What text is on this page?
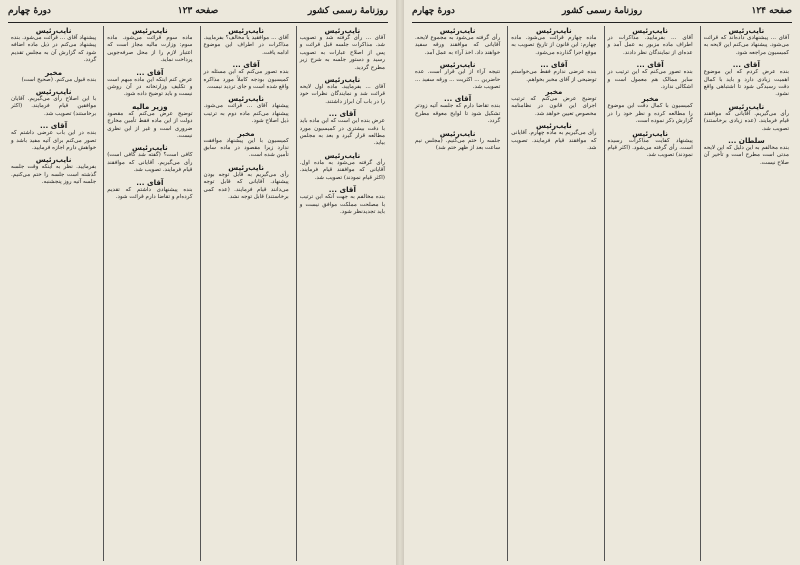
دورهٔ چهارم	صفحه ۱۲۳	روزنامهٔ رسمی کشور
نایب‌رئیس
آقای ... رأی گرفته شد و تصویب شد. مذاکرات جلسه قبل قرائت و پس از اصلاح عبارات به تصویب رسید و دستور جلسه به شرح زیر مطرح گردید.
نایب‌رئیس
آقای ... بفرمایید. ماده اول لایحه قرائت شد و نمایندگان نظرات خود را در باب آن ابراز داشتند.
آقای ...
عرض بنده این است که این ماده باید با دقت بیشتری در کمیسیون مورد مطالعه قرار گیرد و بعد به مجلس بیاید.
نایب‌رئیس
رأی گرفته می‌شود به ماده اول. آقایانی که موافقند قیام فرمایند. (اکثر قیام نمودند) تصویب شد.
آقای ...
بنده مخالفم به جهت آنکه این ترتیب با مصلحت مملکت موافق نیست و باید تجدیدنظر شود.
نایب‌رئیس
آقای ... موافقید یا مخالف؟ بفرمایید. مذاکرات در اطراف این موضوع ادامه یافت.
آقای ...
بنده تصور می‌کنم که این مسئله در کمیسیون بودجه کاملاً مورد مذاکره واقع شده است و جای تردید نیست.
نایب‌رئیس
پیشنهاد آقای ... قرائت می‌شود. پیشنهاد می‌کنم ماده دوم به ترتیب ذیل اصلاح شود.
مخبر
کمیسیون با این پیشنهاد موافقت ندارد زیرا مقصود در ماده سابق تأمین شده است.
نایب‌رئیس
رأی می‌گیریم به قابل توجه بودن پیشنهاد. آقایانی که قابل توجه می‌دانند قیام فرمایند. (عده کمی برخاستند) قابل توجه نشد.
نایب‌رئیس
ماده سوم قرائت می‌شود. ماده سوم: وزارت مالیه مجاز است که اعتبار لازم را از محل صرفه‌جویی پرداخت نماید.
آقای ...
عرض کنم اینکه این ماده مبهم است و تکلیف وزارتخانه در آن روشن نیست و باید توضیح داده شود.
وزیر مالیه
توضیح عرض می‌کنم که مقصود دولت از این ماده فقط تأمین مخارج ضروری است و غیر از این نظری نیست.
نایب‌رئیس
کافی است؟ (گفته شد کافی است) رأی می‌گیریم. آقایانی که موافقند قیام فرمایند. تصویب شد.
آقای ...
بنده پیشنهادی داشتم که تقدیم کرده‌ام و تقاضا دارم قرائت شود.
نایب‌رئیس
پیشنهاد آقای ... قرائت می‌شود. بنده پیشنهاد می‌کنم در ذیل ماده اضافه شود که گزارش آن به مجلس تقدیم گردد.
مخبر
بنده قبول می‌کنم. (صحیح است)
نایب‌رئیس
با این اصلاح رأی می‌گیریم. آقایان موافقین قیام فرمایند. (اکثر برخاستند) تصویب شد.
آقای ...
بنده در این باب عرضی داشتم که تصور می‌کنم برای آتیه مفید باشد و خواهش دارم اجازه فرمایید.
نایب‌رئیس
بفرمایید. نظر به اینکه وقت جلسه گذشته است جلسه را ختم می‌کنیم. جلسه آتیه روز پنجشنبه.
دورهٔ چهارم	روزنامهٔ رسمی کشور	صفحه ۱۲۴
نایب‌رئیس
آقای ... پیشنهادی داده‌اند که قرائت می‌شود. پیشنهاد می‌کنم این لایحه به کمیسیون مراجعه شود.
آقای ...
بنده عرض کردم که این موضوع اهمیت زیادی دارد و باید با کمال دقت رسیدگی شود تا اشتباهی واقع نشود.
نایب‌رئیس
رأی می‌گیریم. آقایانی که موافقند قیام فرمایند. (عده زیادی برخاستند) تصویب شد.
سلطان ...
بنده مخالفم به این دلیل که این لایحه مدتی است مطرح است و تأخیر آن صلاح نیست.
نایب‌رئیس
آقای ... بفرمایید. مذاکرات در اطراف ماده مزبور به عمل آمد و عده‌ای از نمایندگان نظر دادند.
آقای ...
بنده تصور می‌کنم که این ترتیب در سایر ممالک هم معمول است و اشکالی ندارد.
مخبر
کمیسیون با کمال دقت این موضوع را مطالعه کرده و نظر خود را در گزارش ذکر نموده است.
نایب‌رئیس
پیشنهاد کفایت مذاکرات رسیده است. رأی گرفته می‌شود. (اکثر قیام نمودند) تصویب شد.
نایب‌رئیس
ماده چهارم قرائت می‌شود. ماده چهارم: این قانون از تاریخ تصویب به موقع اجرا گذارده می‌شود.
آقای ...
بنده عرضی ندارم فقط می‌خواستم توضیحی از آقای مخبر بخواهم.
مخبر
توضیح عرض می‌کنم که ترتیب اجرای این قانون در نظامنامه مخصوص تعیین خواهد شد.
نایب‌رئیس
رأی می‌گیریم به ماده چهارم. آقایانی که موافقند قیام فرمایند. تصویب شد.
نایب‌رئیس
رأی گرفته می‌شود به مجموع لایحه. آقایانی که موافقند ورقه سفید خواهند داد. اخذ آراء به عمل آمد.
نایب‌رئیس
نتیجه آراء از این قرار است. عده حاضرین ... اکثریت ... ورقه سفید ... تصویب شد.
آقای ...
بنده تقاضا دارم که جلسه آتیه زودتر تشکیل شود تا لوایح معوقه مطرح گردد.
نایب‌رئیس
جلسه را ختم می‌کنیم. (مجلس نیم ساعت بعد از ظهر ختم شد)
